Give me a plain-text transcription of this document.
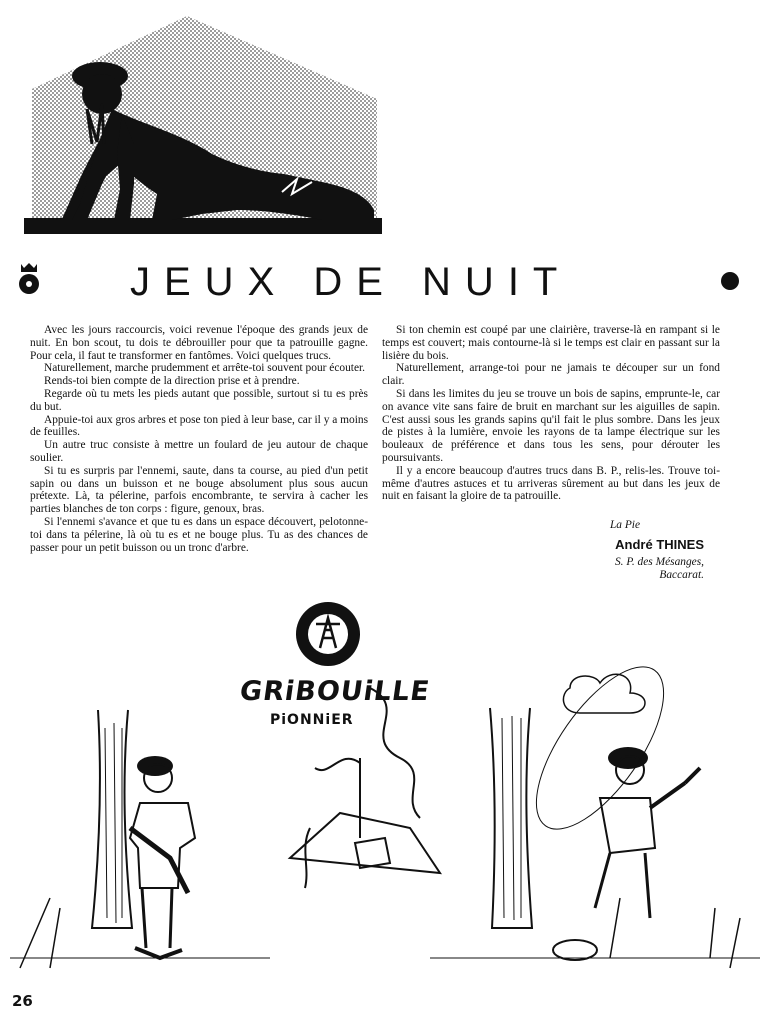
JEUX DE NUIT

Avec les jours raccourcis, voici revenue l'époque des grands jeux de nuit. En bon scout, tu dois te débrouiller pour que ta patrouille gagne. Pour cela, il faut te transformer en fantômes. Voici quelques trucs.

Naturellement, marche prudemment et arrête-toi souvent pour écouter.

Rends-toi bien compte de la direction prise et à prendre.

Regarde où tu mets les pieds autant que possible, surtout si tu es près du but.

Appuie-toi aux gros arbres et pose ton pied à leur base, car il y a moins de feuilles.

Un autre truc consiste à mettre un foulard de jeu autour de chaque soulier.

Si tu es surpris par l'ennemi, saute, dans ta course, au pied d'un petit sapin ou dans un buisson et ne bouge absolument plus sous aucun prétexte. Là, ta pélerine, parfois encombrante, te servira à cacher les parties blanches de ton corps : figure, genoux, bras.

Si l'ennemi s'avance et que tu es dans un espace découvert, pelotonne-toi dans ta pélerine, là où tu es et ne bouge plus. Tu as des chances de passer pour un petit buisson ou un tronc d'arbre.

Si ton chemin est coupé par une clairière, traverse-là en rampant si le temps est couvert; mais contourne-là si le temps est clair en passant sur la lisière du bois.

Naturellement, arrange-toi pour ne jamais te découper sur un fond clair.

Si dans les limites du jeu se trouve un bois de sapins, emprunte-le, car on avance vite sans faire de bruit en marchant sur les aiguilles de sapin. C'est aussi sous les grands sapins qu'il fait le plus sombre. Dans les jeux de pistes à la lumière, envoie les rayons de ta lampe électrique sur les bouleaux de préférence et dans tous les sens, pour dérouter les poursuivants.

Il y a encore beaucoup d'autres trucs dans B. P., relis-les. Trouve toi-même d'autres astuces et tu arriveras sûrement au but dans les jeux de nuit en faisant la gloire de ta patrouille.

La Pie
André THINES
S. P. des Mésanges,
Baccarat.
GRiBOUiLLE
PiONNiER
26
